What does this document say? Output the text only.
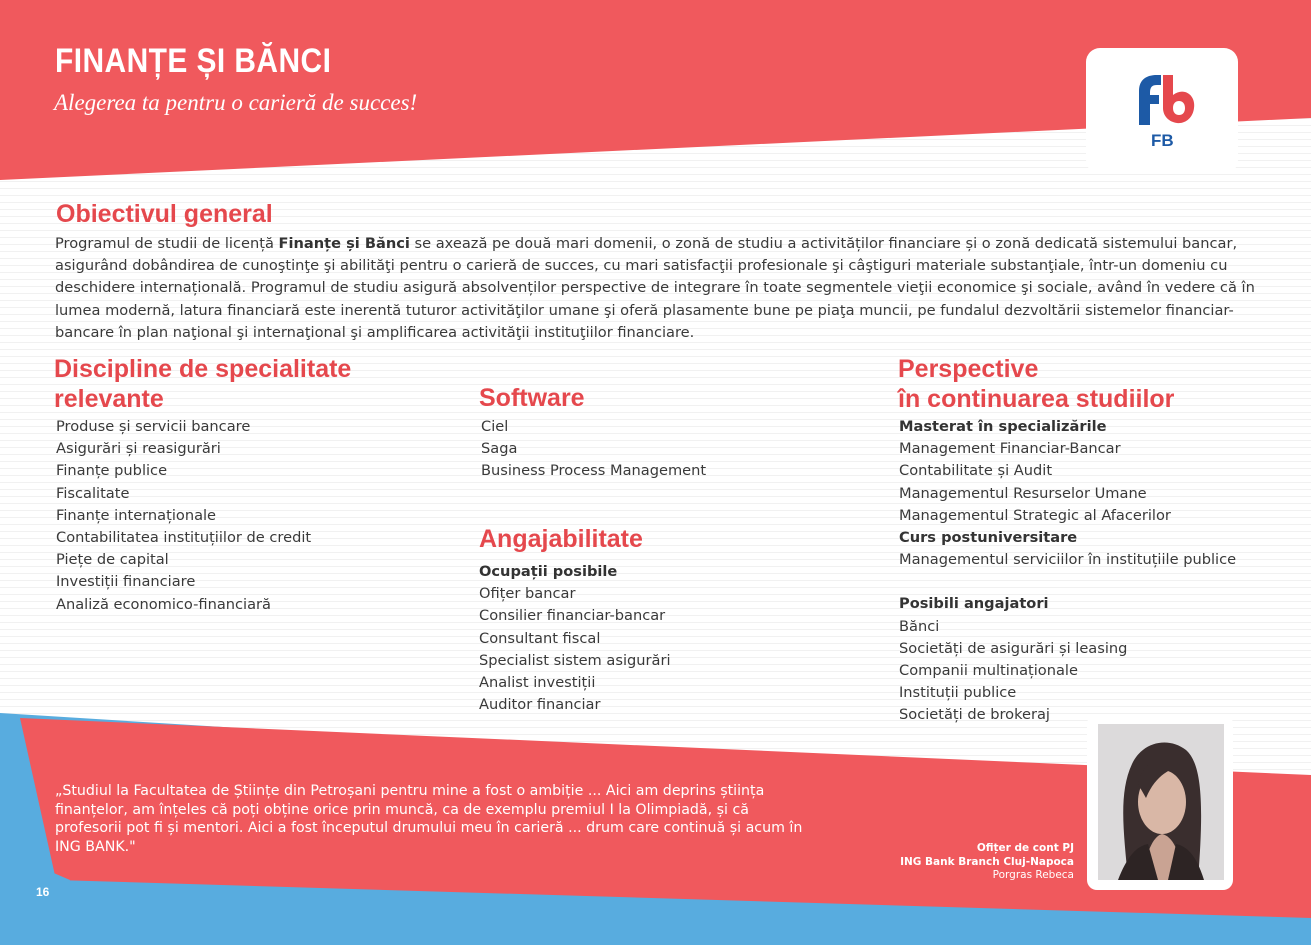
FINANȚE ȘI BĂNCI
Alegerea ta pentru o carieră de succes!
FB
Obiectivul general
Programul de studii de licență Finanțe și Bănci se axează pe două mari domenii, o zonă de studiu a activităților financiare și o zonă dedicată sistemului bancar, asigurând dobândirea de cunoştinţe şi abilităţi pentru o carieră de succes, cu mari satisfacţii profesionale şi câştiguri materiale substanţiale, într-un domeniu cu deschidere internațională. Programul de studiu asigură absolvenților perspective de integrare în toate segmentele vieţii economice şi sociale, având în vedere că în lumea modernă, latura financiară este inerentă tuturor activităţilor umane şi oferă plasamente bune pe piaţa muncii, pe fundalul dezvoltării sistemelor financiar-bancare în plan naţional şi internaţional şi amplificarea activităţii instituţiilor financiare.
Discipline de specialitate
relevante
Produse și servicii bancare
Asigurări și reasigurări
Finanțe publice
Fiscalitate
Finanțe internaționale
Contabilitatea instituțiilor de credit
Piețe de capital
Investiții financiare
Analiză economico-financiară
Software
Ciel
Saga
Business Process Management
Angajabilitate
Ocupații posibile
Ofițer bancar
Consilier financiar-bancar
Consultant fiscal
Specialist sistem asigurări
Analist investiții
Auditor financiar
Perspective
în continuarea studiilor
Masterat în specializările
Management Financiar-Bancar
Contabilitate și Audit
Managementul Resurselor Umane
Managementul Strategic al Afacerilor
Curs postuniversitare
Managementul serviciilor în instituțiile publice
Posibili angajatori
Bănci
Societăți de asigurări și leasing
Companii multinaționale
Instituții publice
Societăți de brokeraj
„Studiul la Facultatea de Științe din Petroșani pentru mine a fost o ambiție ... Aici am deprins știința finanțelor, am înțeles că poți obține orice prin muncă, ca de exemplu premiul I la Olimpiadă, și că profesorii pot fi și mentori. Aici a fost începutul drumului meu în carieră ... drum care continuă și acum în ING BANK."	Ofițer de cont PJ
ING Bank Branch Cluj-Napoca
Porgras Rebeca
16
